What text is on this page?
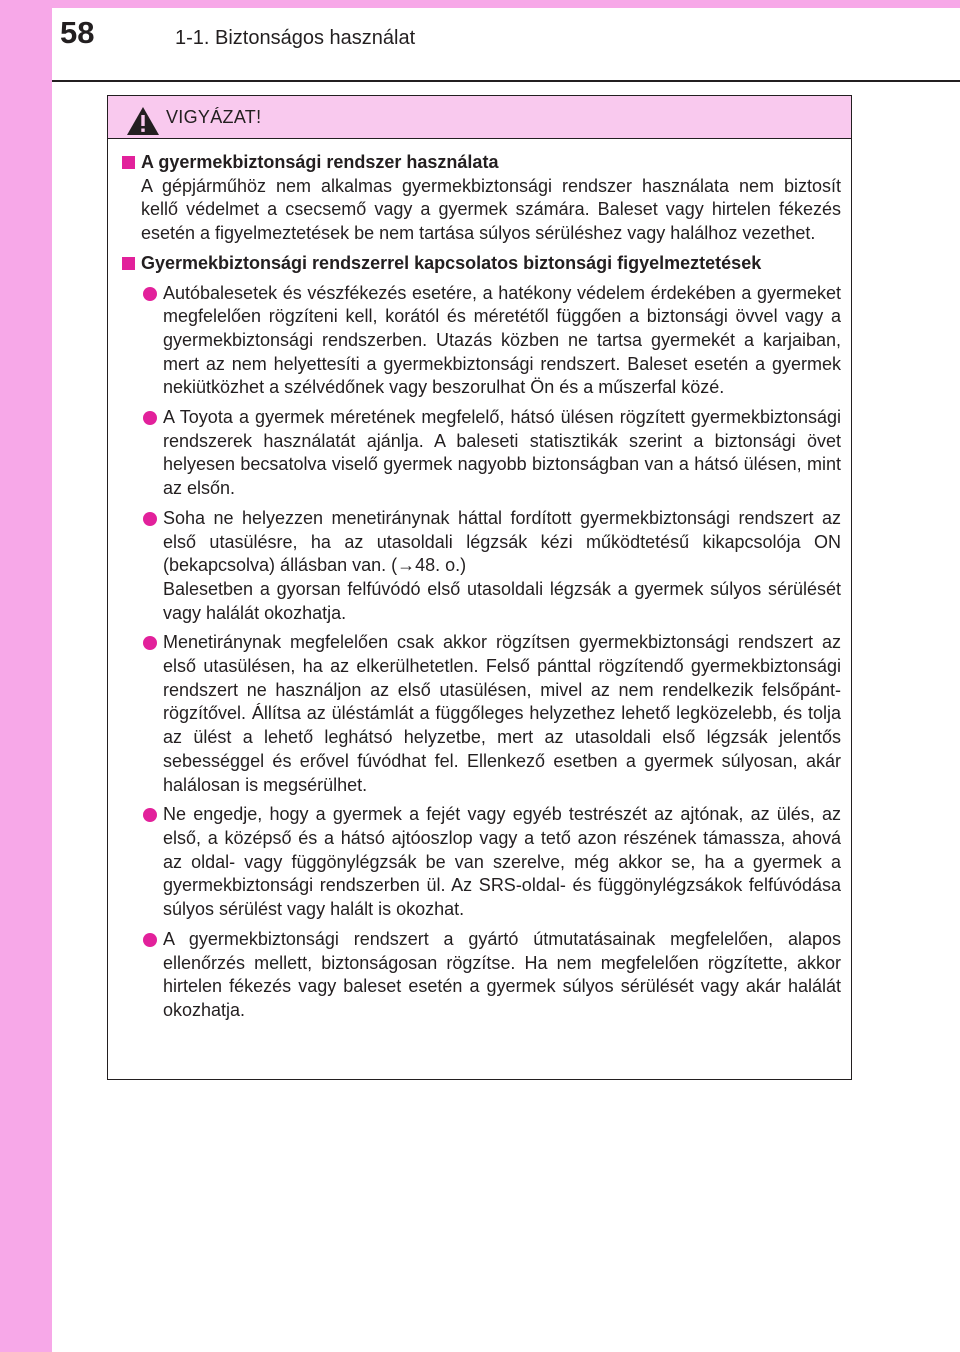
58	1-1. Biztonságos használat
VIGYÁZAT!
A gyermekbiztonsági rendszer használata
A gépjárműhöz nem alkalmas gyermekbiztonsági rendszer használata nem biztosít kellő védelmet a csecsemő vagy a gyermek számára. Baleset vagy hirtelen fékezés esetén a figyelmeztetések be nem tartása súlyos sérüléshez vagy halálhoz vezethet.
Gyermekbiztonsági rendszerrel kapcsolatos biztonsági figyelmeztetések

Autóbalesetek és vészfékezés esetére, a hatékony védelem érdekében a gyermeket megfelelően rögzíteni kell, korától és méretétől függően a biztonsági övvel vagy a gyermekbiztonsági rendszerben. Utazás közben ne tartsa gyermekét a karjaiban, mert az nem helyettesíti a gyermekbiztonsági rendszert. Baleset esetén a gyermek nekiütközhet a szélvédőnek vagy beszorulhat Ön és a műszerfal közé.

A Toyota a gyermek méretének megfelelő, hátsó ülésen rögzített gyermekbiztonsági rendszerek használatát ajánlja. A baleseti statisztikák szerint a biztonsági övet helyesen becsatolva viselő gyermek nagyobb biztonságban van a hátsó ülésen, mint az elsőn.

Soha ne helyezzen menetiránynak háttal fordított gyermekbiztonsági rendszert az első utasülésre, ha az utasoldali légzsák kézi működtetésű kikapcsolója ON (bekapcsolva) állásban van. (→48. o.)

Balesetben a gyorsan felfúvódó első utasoldali légzsák a gyermek súlyos sérülését vagy halálát okozhatja.

Menetiránynak megfelelően csak akkor rögzítsen gyermekbiztonsági rendszert az első utasülésen, ha az elkerülhetetlen. Felső pánttal rögzítendő gyermekbiztonsági rendszert ne használjon az első utasülésen, mivel az nem rendelkezik felsőpánt-rögzítővel. Állítsa az üléstámlát a függőleges helyzethez lehető legközelebb, és tolja az ülést a lehető leghátsó helyzetbe, mert az utasoldali első légzsák jelentős sebességgel és erővel fúvódhat fel. Ellenkező esetben a gyermek súlyosan, akár halálosan is megsérülhet.

Ne engedje, hogy a gyermek a fejét vagy egyéb testrészét az ajtónak, az ülés, az első, a középső és a hátsó ajtóoszlop vagy a tető azon részének támassza, ahová az oldal- vagy függönylégzsák be van szerelve, még akkor se, ha a gyermek a gyermekbiztonsági rendszerben ül. Az SRS-oldal- és függönylégzsákok felfúvódása súlyos sérülést vagy halált is okozhat.

A gyermekbiztonsági rendszert a gyártó útmutatásainak megfelelően, alapos ellenőrzés mellett, biztonságosan rögzítse. Ha nem megfelelően rögzítette, akkor hirtelen fékezés vagy baleset esetén a gyermek súlyos sérülését vagy akár halálát okozhatja.
